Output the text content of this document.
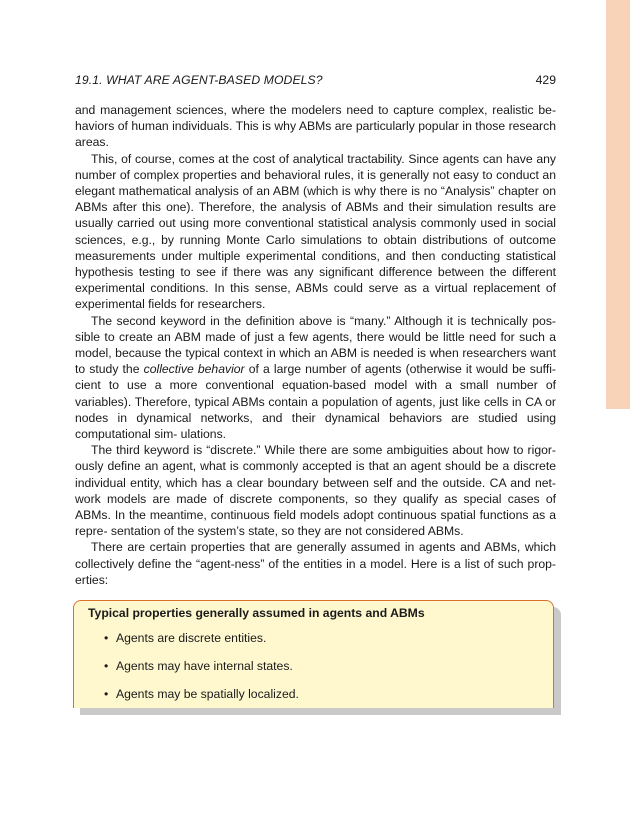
19.1. WHAT ARE AGENT-BASED MODELS?	429

and management sciences, where the modelers need to capture complex, realistic be- haviors of human individuals. This is why ABMs are particularly popular in those research areas.

This, of course, comes at the cost of analytical tractability. Since agents can have any number of complex properties and behavioral rules, it is generally not easy to conduct an elegant mathematical analysis of an ABM (which is why there is no “Analysis” chapter on ABMs after this one). Therefore, the analysis of ABMs and their simulation results are usually carried out using more conventional statistical analysis commonly used in social sciences, e.g., by running Monte Carlo simulations to obtain distributions of outcome measurements under multiple experimental conditions, and then conducting statistical hypothesis testing to see if there was any significant difference between the different experimental conditions. In this sense, ABMs could serve as a virtual replacement of experimental fields for researchers.

The second keyword in the definition above is “many.” Although it is technically pos- sible to create an ABM made of just a few agents, there would be little need for such a model, because the typical context in which an ABM is needed is when researchers want to study the collective behavior of a large number of agents (otherwise it would be suffi- cient to use a more conventional equation-based model with a small number of variables). Therefore, typical ABMs contain a population of agents, just like cells in CA or nodes in dynamical networks, and their dynamical behaviors are studied using computational sim- ulations.

The third keyword is “discrete.” While there are some ambiguities about how to rigor- ously define an agent, what is commonly accepted is that an agent should be a discrete individual entity, which has a clear boundary between self and the outside. CA and net- work models are made of discrete components, so they qualify as special cases of ABMs. In the meantime, continuous field models adopt continuous spatial functions as a repre- sentation of the system’s state, so they are not considered ABMs.

There are certain properties that are generally assumed in agents and ABMs, which collectively define the “agent-ness” of the entities in a model. Here is a list of such prop- erties:

Typical properties generally assumed in agents and ABMs
• Agents are discrete entities.
• Agents may have internal states.
• Agents may be spatially localized.
